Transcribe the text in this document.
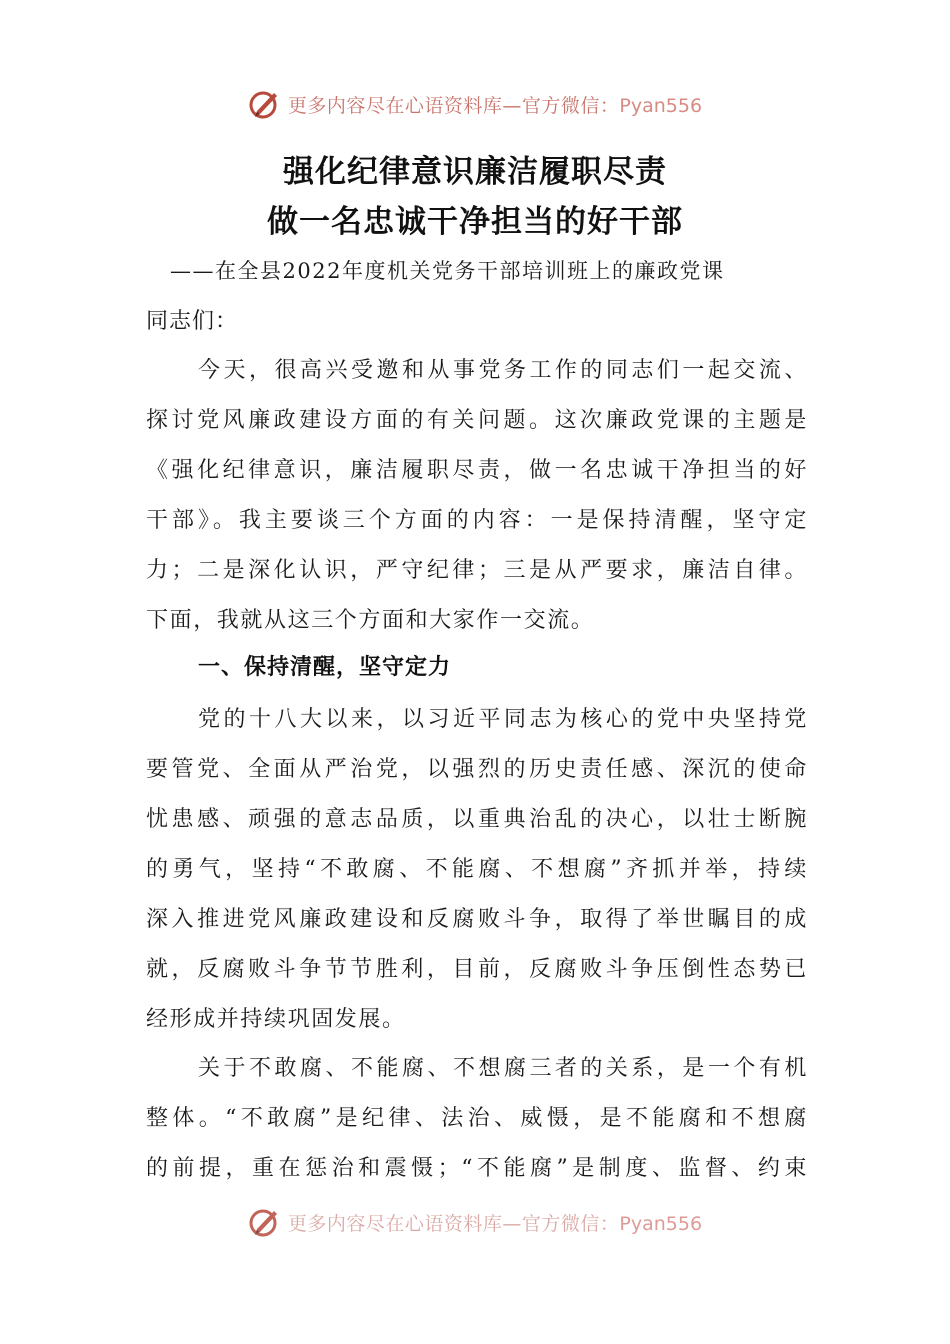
更多内容尽在心语资料库—官方微信：Pyan556
强化纪律意识廉洁履职尽责
做一名忠诚干净担当的好干部
——在全县2022年度机关党务干部培训班上的廉政党课
同志们：
今天，很高兴受邀和从事党务工作的同志们一起交流、
探讨党风廉政建设方面的有关问题。这次廉政党课的主题是
《强化纪律意识，廉洁履职尽责，做一名忠诚干净担当的好
干部》。我主要谈三个方面的内容：一是保持清醒，坚守定
力；二是深化认识，严守纪律；三是从严要求，廉洁自律。
下面，我就从这三个方面和大家作一交流。
一、保持清醒，坚守定力
党的十八大以来，以习近平同志为核心的党中央坚持党
要管党、全面从严治党，以强烈的历史责任感、深沉的使命
忧患感、顽强的意志品质，以重典治乱的决心，以壮士断腕
的勇气，坚持“不敢腐、不能腐、不想腐”齐抓并举，持续
深入推进党风廉政建设和反腐败斗争，取得了举世瞩目的成
就，反腐败斗争节节胜利，目前，反腐败斗争压倒性态势已
经形成并持续巩固发展。
关于不敢腐、不能腐、不想腐三者的关系，是一个有机
整体。“不敢腐”是纪律、法治、威慑，是不能腐和不想腐
的前提，重在惩治和震慑；“不能腐”是制度、监督、约束
更多内容尽在心语资料库—官方微信：Pyan556
